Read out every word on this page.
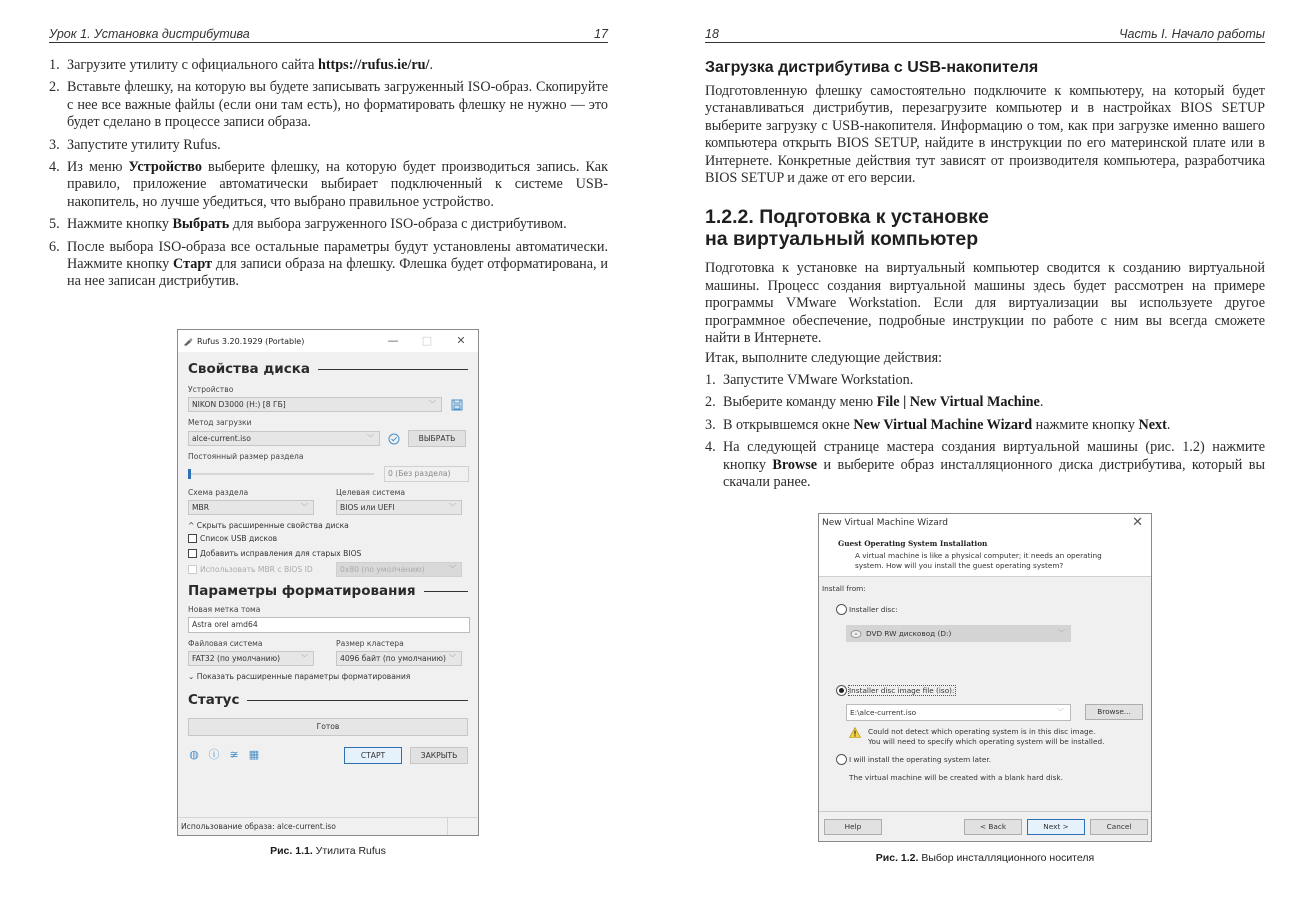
Урок 1. Установка дистрибутива	17
1. Загрузите утилиту с официального сайта https://rufus.ie/ru/.
2. Вставьте флешку, на которую вы будете записывать загруженный ISO-образ. Скопируйте с нее все важные файлы (если они там есть), но форматировать флешку не нужно — это будет сделано в процессе записи образа.
3. Запустите утилиту Rufus.
4. Из меню Устройство выберите флешку, на которую будет производиться запись. Как правило, приложение автоматически выбирает подключенный к системе USB-накопитель, но лучше убедиться, что выбрано правильное устройство.
5. Нажмите кнопку Выбрать для выбора загруженного ISO-образа с дистрибутивом.
6. После выбора ISO-образа все остальные параметры будут установлены автоматически. Нажмите кнопку Старт для записи образа на флешку. Флешка будет отформатирована, и на нее записан дистрибутив.
Rufus 3.20.1929 (Portable)	—	□	✕
Свойства диска
Устройство
NIKON D3000 (H:) [8 ГБ]	﹀
Метод загрузки
alce-current.iso	﹀	ВЫБРАТЬ
Постоянный размер раздела
0 (Без раздела)
Схема раздела
MBR	﹀
Целевая система
BIOS или UEFI	﹀
^ Скрыть расширенные свойства диска
Список USB дисков
Добавить исправления для старых BIOS
Использовать MBR с BIOS ID	0x80 (по умолчанию)	﹀
Параметры форматирования
Новая метка тома
Astra orel amd64
Файловая система
FAT32 (по умолчанию)	﹀
Размер кластера
4096 байт (по умолчанию) ﹀
⌄ Показать расширенные параметры форматирования
Статус
Готов
◍ ⓘ ≆ ▦	СТАРТ	ЗАКРЫТЬ
Использование образа: alce-current.iso
Рис. 1.1. Утилита Rufus
18	Часть I. Начало работы
Загрузка дистрибутива с USB-накопителя

Подготовленную флешку самостоятельно подключите к компьютеру, на который будет устанавливаться дистрибутив, перезагрузите компьютер и в настройках BIOS SETUP выберите загрузку с USB-накопителя. Информацию о том, как при загрузке именно вашего компьютера открыть BIOS SETUP, найдите в инструкции по его материнской плате или в Интернете. Конкретные действия тут зависят от производителя компьютера, разработчика BIOS SETUP и даже от его версии.

1.2.2. Подготовка к установке
на виртуальный компьютер

Подготовка к установке на виртуальный компьютер сводится к созданию виртуальной машины. Процесс создания виртуальной машины здесь будет рассмотрен на примере программы VMware Workstation. Если для виртуализации вы используете другое программное обеспечение, подробные инструкции по работе с ним вы всегда сможете найти в Интернете.

Итак, выполните следующие действия:

1. Запустите VMware Workstation.
2. Выберите команду меню File | New Virtual Machine.
3. В открывшемся окне New Virtual Machine Wizard нажмите кнопку Next.
4. На следующей странице мастера создания виртуальной машины (рис. 1.2) нажмите кнопку Browse и выберите образ инсталляционного диска дистрибутива, который вы скачали ранее.
New Virtual Machine Wizard	✕
Guest Operating System Installation
A virtual machine is like a physical computer; it needs an operating system. How will you install the guest operating system?
Install from:
Installer disc:
DVD RW дисковод (D:)	﹀
Installer disc image file (iso):
E:\alce-current.iso	﹀	Browse...
Could not detect which operating system is in this disc image.
You will need to specify which operating system will be installed.
I will install the operating system later.
The virtual machine will be created with a blank hard disk.
Help	< Back	Next >	Cancel
Рис. 1.2. Выбор инсталляционного носителя
